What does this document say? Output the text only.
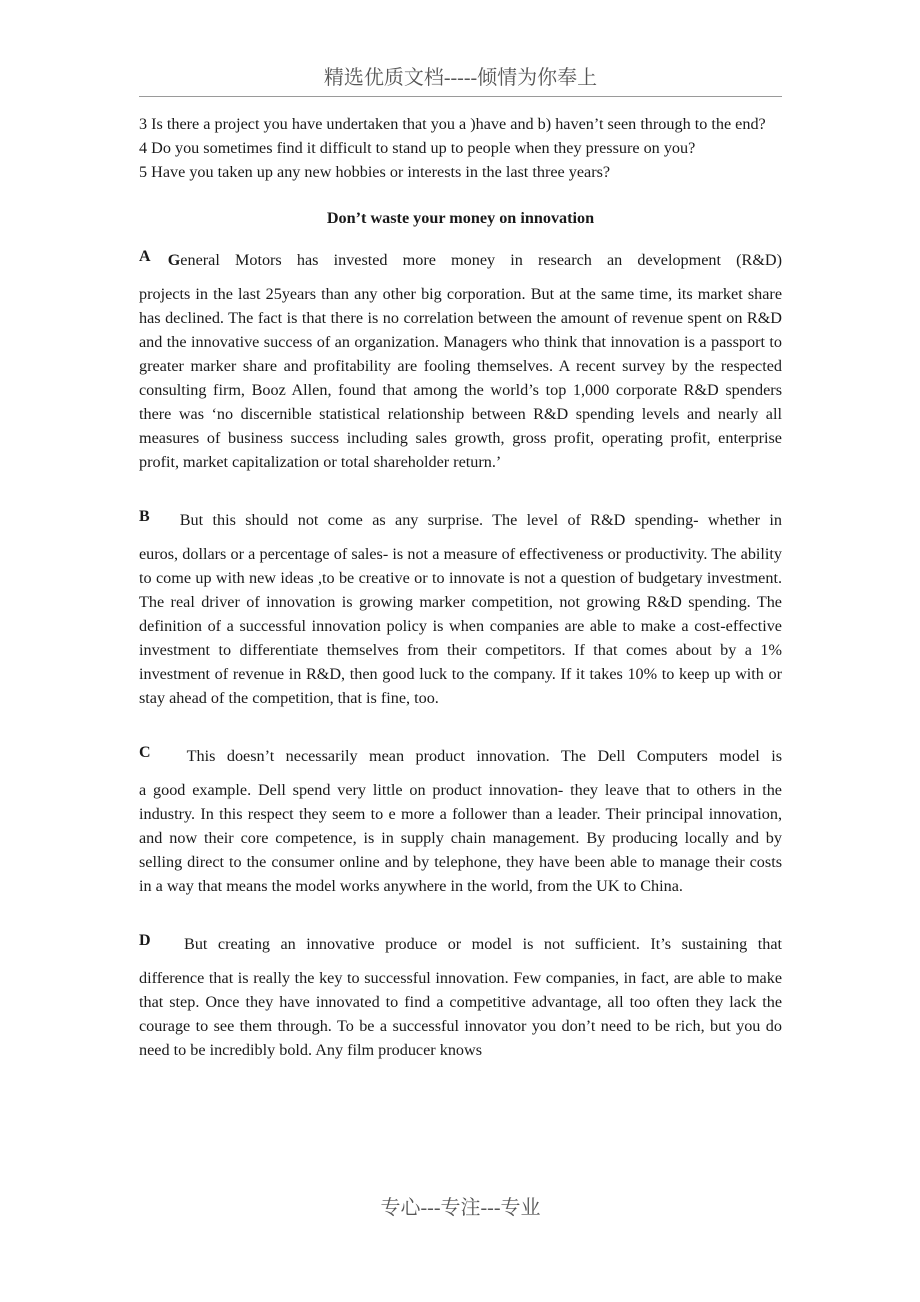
精选优质文档-----倾情为你奉上

3 Is there a project you have undertaken that you a )have and b) haven’t seen through to the end?

4 Do you sometimes find it difficult to stand up to people when they pressure on you?

5 Have you taken up any new hobbies or interests in the last three years?

Don’t waste your money on innovation

A General Motors has invested more money in research an development (R&D)

projects in the last 25years than any other big corporation. But at the same time, its market share has declined. The fact is that there is no correlation between the amount of revenue spent on R&D and the innovative success of an organization. Managers who think that innovation is a passport to greater marker share and profitability are fooling themselves. A recent survey by the respected consulting firm, Booz Allen, found that among the world’s top 1,000 corporate R&D spenders there was ‘no discernible statistical relationship between R&D spending levels and nearly all measures of business success including sales growth, gross profit, operating profit, enterprise profit, market capitalization or total shareholder return.’

B But this should not come as any surprise. The level of R&D spending- whether in

euros, dollars or a percentage of sales- is not a measure of effectiveness or productivity. The ability to come up with new ideas ,to be creative or to innovate is not a question of budgetary investment. The real driver of innovation is growing marker competition, not growing R&D spending. The definition of a successful innovation policy is when companies are able to make a cost-effective investment to differentiate themselves from their competitors. If that comes about by a 1% investment of revenue in R&D, then good luck to the company. If it takes 10% to keep up with or stay ahead of the competition, that is fine, too.

C This doesn’t necessarily mean product innovation. The Dell Computers model is

a good example. Dell spend very little on product innovation- they leave that to others in the industry. In this respect they seem to e more a follower than a leader. Their principal innovation, and now their core competence, is in supply chain management. By producing locally and by selling direct to the consumer online and by telephone, they have been able to manage their costs in a way that means the model works anywhere in the world, from the UK to China.

D But creating an innovative produce or model is not sufficient. It’s sustaining that

difference that is really the key to successful innovation. Few companies, in fact, are able to make that step. Once they have innovated to find a competitive advantage, all too often they lack the courage to see them through. To be a successful innovator you don’t need to be rich, but you do need to be incredibly bold. Any film producer knows

专心---专注---专业
